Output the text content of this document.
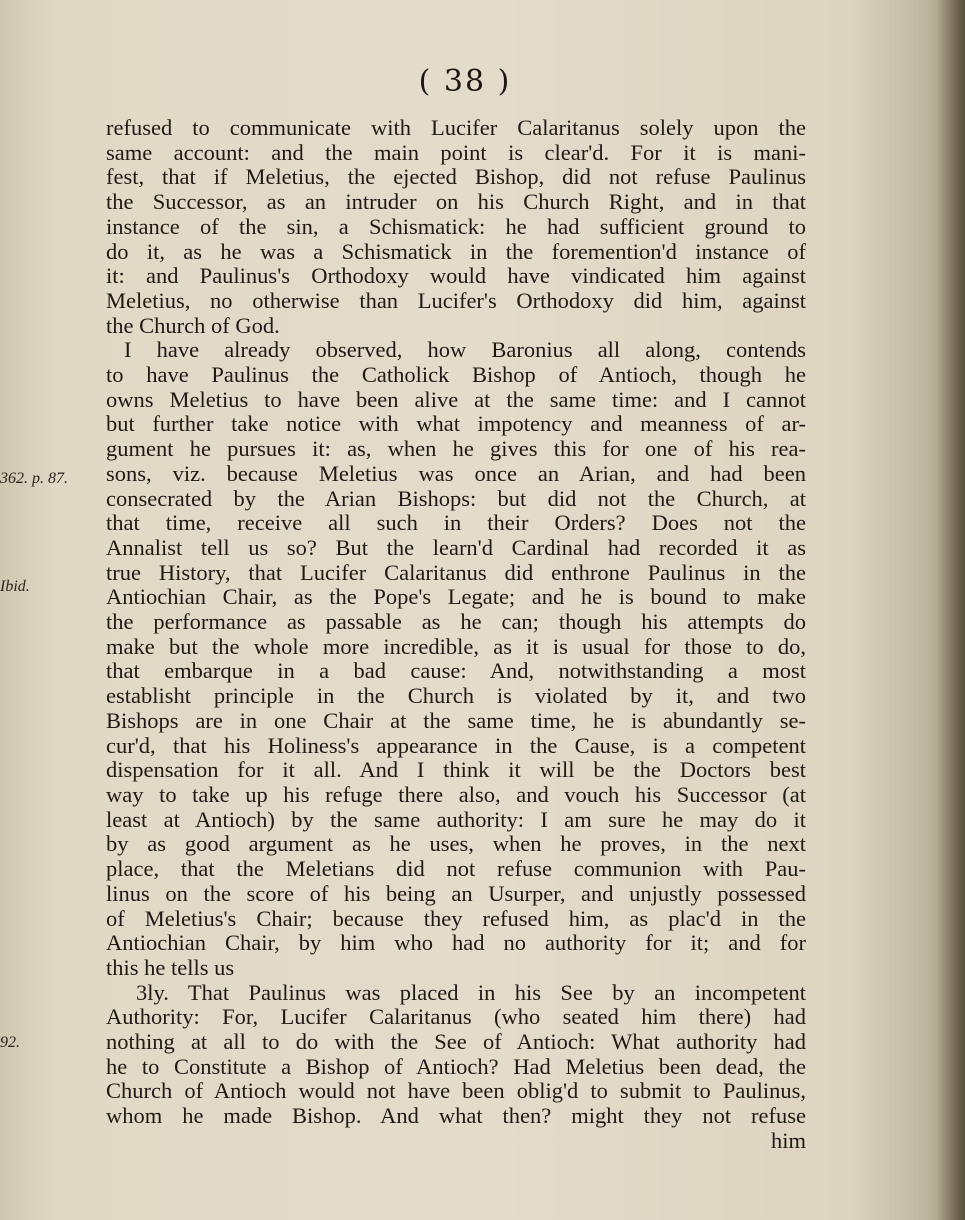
( 38 )
362. p. 87.
Ibid.
92.
refused to communicate with Lucifer Calaritanus solely upon the
same account: and the main point is clear'd. For it is mani-
fest, that if Meletius, the ejected Bishop, did not refuse Paulinus
the Successor, as an intruder on his Church Right, and in that
instance of the sin, a Schismatick: he had sufficient ground to
do it, as he was a Schismatick in the foremention'd instance of
it: and Paulinus's Orthodoxy would have vindicated him against
Meletius, no otherwise than Lucifer's Orthodoxy did him, against
the Church of God.
I have already observed, how Baronius all along, contends
to have Paulinus the Catholick Bishop of Antioch, though he
owns Meletius to have been alive at the same time: and I cannot
but further take notice with what impotency and meanness of ar-
gument he pursues it: as, when he gives this for one of his rea-
sons, viz. because Meletius was once an Arian, and had been
consecrated by the Arian Bishops: but did not the Church, at
that time, receive all such in their Orders? Does not the
Annalist tell us so? But the learn'd Cardinal had recorded it as
true History, that Lucifer Calaritanus did enthrone Paulinus in the
Antiochian Chair, as the Pope's Legate; and he is bound to make
the performance as passable as he can; though his attempts do
make but the whole more incredible, as it is usual for those to do,
that embarque in a bad cause: And, notwithstanding a most
establisht principle in the Church is violated by it, and two
Bishops are in one Chair at the same time, he is abundantly se-
cur'd, that his Holiness's appearance in the Cause, is a competent
dispensation for it all. And I think it will be the Doctors best
way to take up his refuge there also, and vouch his Successor (at
least at Antioch) by the same authority: I am sure he may do it
by as good argument as he uses, when he proves, in the next
place, that the Meletians did not refuse communion with Pau-
linus on the score of his being an Usurper, and unjustly possessed
of Meletius's Chair; because they refused him, as plac'd in the
Antiochian Chair, by him who had no authority for it; and for
this he tells us
3ly. That Paulinus was placed in his See by an incompetent
Authority: For, Lucifer Calaritanus (who seated him there) had
nothing at all to do with the See of Antioch: What authority had
he to Constitute a Bishop of Antioch? Had Meletius been dead, the
Church of Antioch would not have been oblig'd to submit to Paulinus,
whom he made Bishop. And what then? might they not refuse
him
